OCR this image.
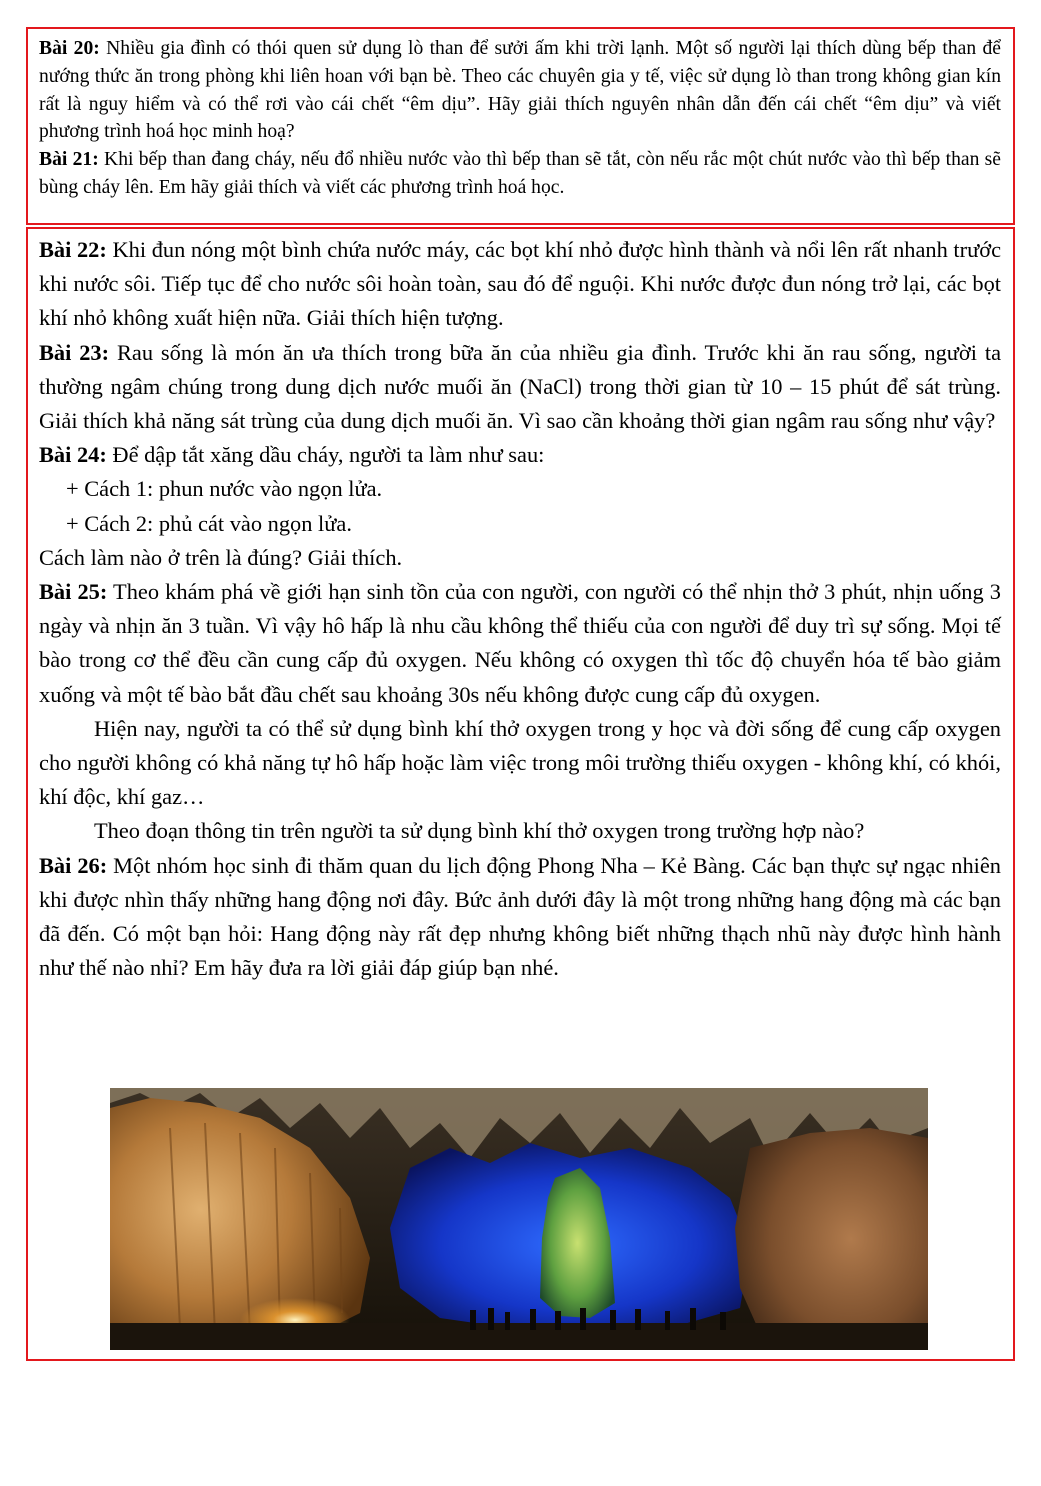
Bài 20: Nhiều gia đình có thói quen sử dụng lò than để sưởi ấm khi trời lạnh. Một số người lại thích dùng bếp than để nướng thức ăn trong phòng khi liên hoan với bạn bè. Theo các chuyên gia y tế, việc sử dụng lò than trong không gian kín rất là nguy hiểm và có thể rơi vào cái chết “êm dịu”. Hãy giải thích nguyên nhân dẫn đến cái chết “êm dịu” và viết phương trình hoá học minh hoạ?

Bài 21: Khi bếp than đang cháy, nếu đổ nhiều nước vào thì bếp than sẽ tắt, còn nếu rắc một chút nước vào thì bếp than sẽ bùng cháy lên. Em hãy giải thích và viết các phương trình hoá học.

Bài 22: Khi đun nóng một bình chứa nước máy, các bọt khí nhỏ được hình thành và nổi lên rất nhanh trước khi nước sôi. Tiếp tục để cho nước sôi hoàn toàn, sau đó để nguội. Khi nước được đun nóng trở lại, các bọt khí nhỏ không xuất hiện nữa. Giải thích hiện tượng.

Bài 23: Rau sống là món ăn ưa thích trong bữa ăn của nhiều gia đình. Trước khi ăn rau sống, người ta thường ngâm chúng trong dung dịch nước muối ăn (NaCl) trong thời gian từ 10 – 15 phút để sát trùng. Giải thích khả năng sát trùng của dung dịch muối ăn. Vì sao cần khoảng thời gian ngâm rau sống như vậy?

Bài 24: Để dập tắt xăng dầu cháy, người ta làm như sau:

+ Cách 1: phun nước vào ngọn lửa.

+ Cách 2: phủ cát vào ngọn lửa.

Cách làm nào ở trên là đúng? Giải thích.

Bài 25: Theo khám phá về giới hạn sinh tồn của con người, con người có thể nhịn thở 3 phút, nhịn uống 3 ngày và nhịn ăn 3 tuần. Vì vậy hô hấp là nhu cầu không thể thiếu của con người để duy trì sự sống. Mọi tế bào trong cơ thể đều cần cung cấp đủ oxygen. Nếu không có oxygen thì tốc độ chuyển hóa tế bào giảm xuống và một tế bào bắt đầu chết sau khoảng 30s nếu không được cung cấp đủ oxygen.

Hiện nay, người ta có thể sử dụng bình khí thở oxygen trong y học và đời sống để cung cấp oxygen cho người không có khả năng tự hô hấp hoặc làm việc trong môi trường thiếu oxygen - không khí, có khói, khí độc, khí gaz…

Theo đoạn thông tin trên người ta sử dụng bình khí thở oxygen trong trường hợp nào?

Bài 26: Một nhóm học sinh đi thăm quan du lịch động Phong Nha – Kẻ Bàng. Các bạn thực sự ngạc nhiên khi được nhìn thấy những hang động nơi đây. Bức ảnh dưới đây là một trong những hang động mà các bạn đã đến. Có một bạn hỏi: Hang động này rất đẹp nhưng không biết những thạch nhũ này được hình hành như thế nào nhỉ? Em hãy đưa ra lời giải đáp giúp bạn nhé.
